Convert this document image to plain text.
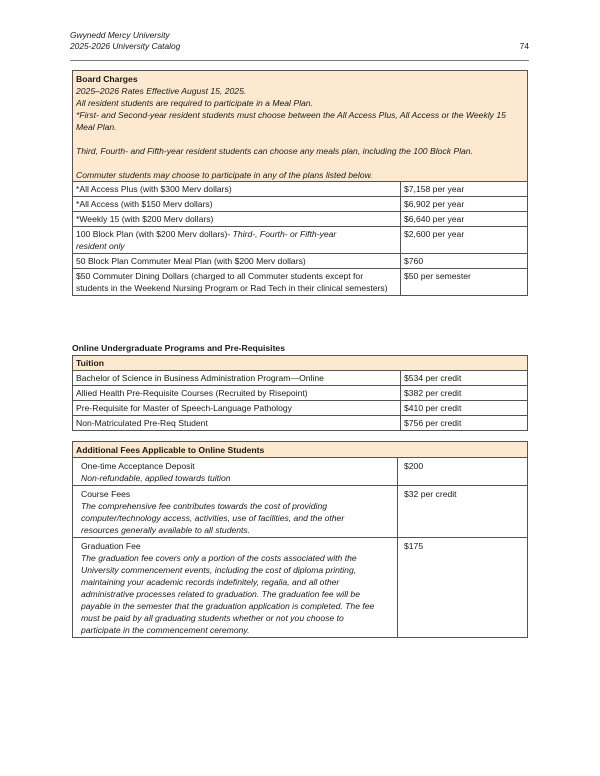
Gwynedd Mercy University
2025-2026 University Catalog	74
Board Charges
2025–2026 Rates Effective August 15, 2025.
All resident students are required to participate in a Meal Plan.
*First- and Second-year resident students must choose between the All Access Plus, All Access or the Weekly 15 Meal Plan.
Third, Fourth- and Fifth-year resident students can choose any meals plan, including the 100 Block Plan.
Commuter students may choose to participate in any of the plans listed below.

*All Access Plus (with $300 Merv dollars)	$7,158 per year
*All Access (with $150 Merv dollars)	$6,902 per year
*Weekly 15 (with $200 Merv dollars)	$6,640 per year
100 Block Plan (with $200 Merv dollars)- Third-, Fourth- or Fifth-year resident only	$2,600 per year
50 Block Plan Commuter Meal Plan (with $200 Merv dollars)	$760
$50 Commuter Dining Dollars (charged to all Commuter students except for students in the Weekend Nursing Program or Rad Tech in their clinical semesters)	$50 per semester
Online Undergraduate Programs and Pre-Requisites
Tuition	
Bachelor of Science in Business Administration Program—Online	$534 per credit
Allied Health Pre-Requisite Courses (Recruited by Risepoint)	$382 per credit
Pre-Requisite for Master of Speech-Language Pathology	$410 per credit
Non-Matriculated Pre-Req Student	$756 per credit
Additional Fees Applicable to Online Students	

One-time Acceptance Deposit
Non-refundable, applied towards tuition	$200

Course Fees
The comprehensive fee contributes towards the cost of providing computer/technology access, activities, use of facilities, and the other resources generally available to all students.	$32 per credit

Graduation Fee
The graduation fee covers only a portion of the costs associated with the University commencement events, including the cost of diploma printing, maintaining your academic records indefinitely, regalia, and all other administrative processes related to graduation. The graduation fee will be payable in the semester that the graduation application is completed. The fee must be paid by all graduating students whether or not you choose to participate in the commencement ceremony.	$175
